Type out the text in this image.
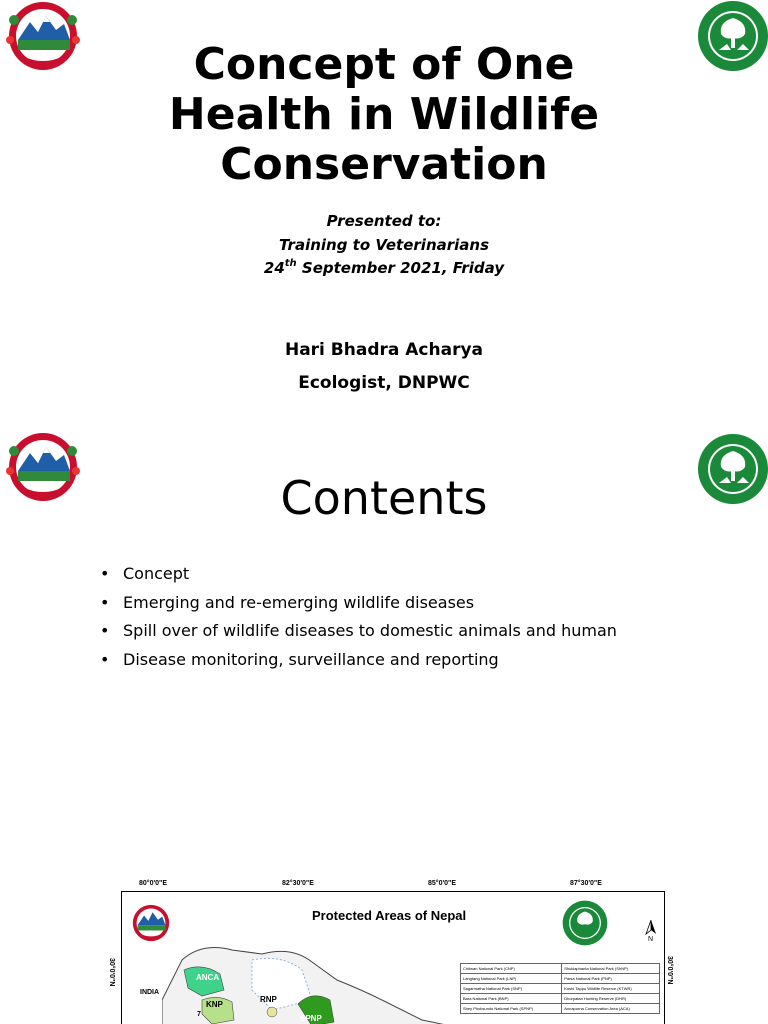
Concept of One
Health in Wildlife
Conservation
Presented to:
Training to Veterinarians
24th September 2021, Friday
Hari Bhadra Acharya
Ecologist, DNPWC
Contents
• Concept
• Emerging and re-emerging wildlife diseases
• Spill over of wildlife diseases to domestic animals and human
• Disease monitoring, surveillance and reporting
80°0'0"E	82°30'0"E	85°0'0"E	87°30'0"E
30°0'0"N	30°0'0"N
Protected Areas of Nepal
N
INDIA
ANCA
KNP
7
RNP
SPNP
Chitwan National Park (CNP)	Shuklaphanta National Park (ShNP)
Langtang National Park (LNP)	Parsa National Park (PNP)
Sagarmatha National Park (SNP)	Koshi Tappu Wildlife Reserve (KTWR)
Bara National Park (BNP)	Dhorpatan Hunting Reserve (DHR)
Shey Phoksundo National Park (SPNP)	Annapurna Conservation Area (ACA)
